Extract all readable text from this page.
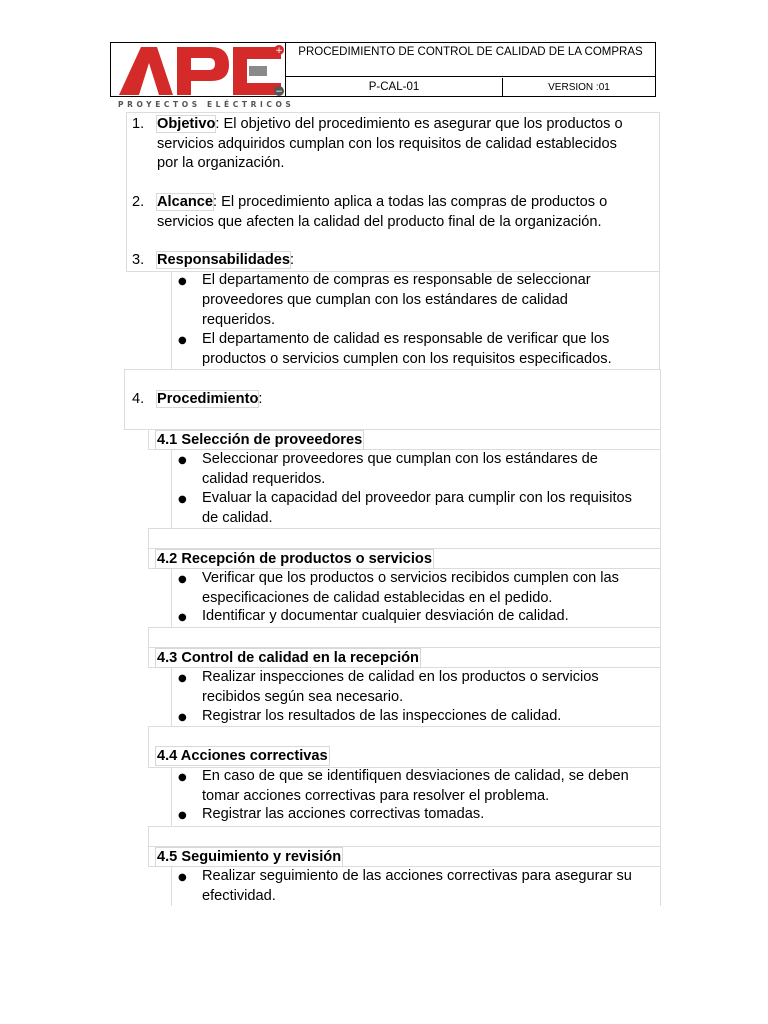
+
−
PROCEDIMIENTO DE CONTROL DE CALIDAD DE LA COMPRAS
P-CAL-01	VERSION :01
PROYECTOS ELÉCTRICOS
1. Objetivo: El objetivo del procedimiento es asegurar que los productos o
servicios adquiridos cumplan con los requisitos de calidad establecidos
por la organización.
2. Alcance: El procedimiento aplica a todas las compras de productos o
servicios que afecten la calidad del producto final de la organización.
3. Responsabilidades:
● El departamento de compras es responsable de seleccionar
proveedores que cumplan con los estándares de calidad
requeridos.
● El departamento de calidad es responsable de verificar que los
productos o servicios cumplen con los requisitos especificados.
4. Procedimiento:
4.1 Selección de proveedores
● Seleccionar proveedores que cumplan con los estándares de
calidad requeridos.
● Evaluar la capacidad del proveedor para cumplir con los requisitos
de calidad.
4.2 Recepción de productos o servicios
● Verificar que los productos o servicios recibidos cumplen con las
especificaciones de calidad establecidas en el pedido.
● Identificar y documentar cualquier desviación de calidad.
4.3 Control de calidad en la recepción
● Realizar inspecciones de calidad en los productos o servicios
recibidos según sea necesario.
● Registrar los resultados de las inspecciones de calidad.
4.4 Acciones correctivas
● En caso de que se identifiquen desviaciones de calidad, se deben
tomar acciones correctivas para resolver el problema.
● Registrar las acciones correctivas tomadas.
4.5 Seguimiento y revisión
● Realizar seguimiento de las acciones correctivas para asegurar su
efectividad.
